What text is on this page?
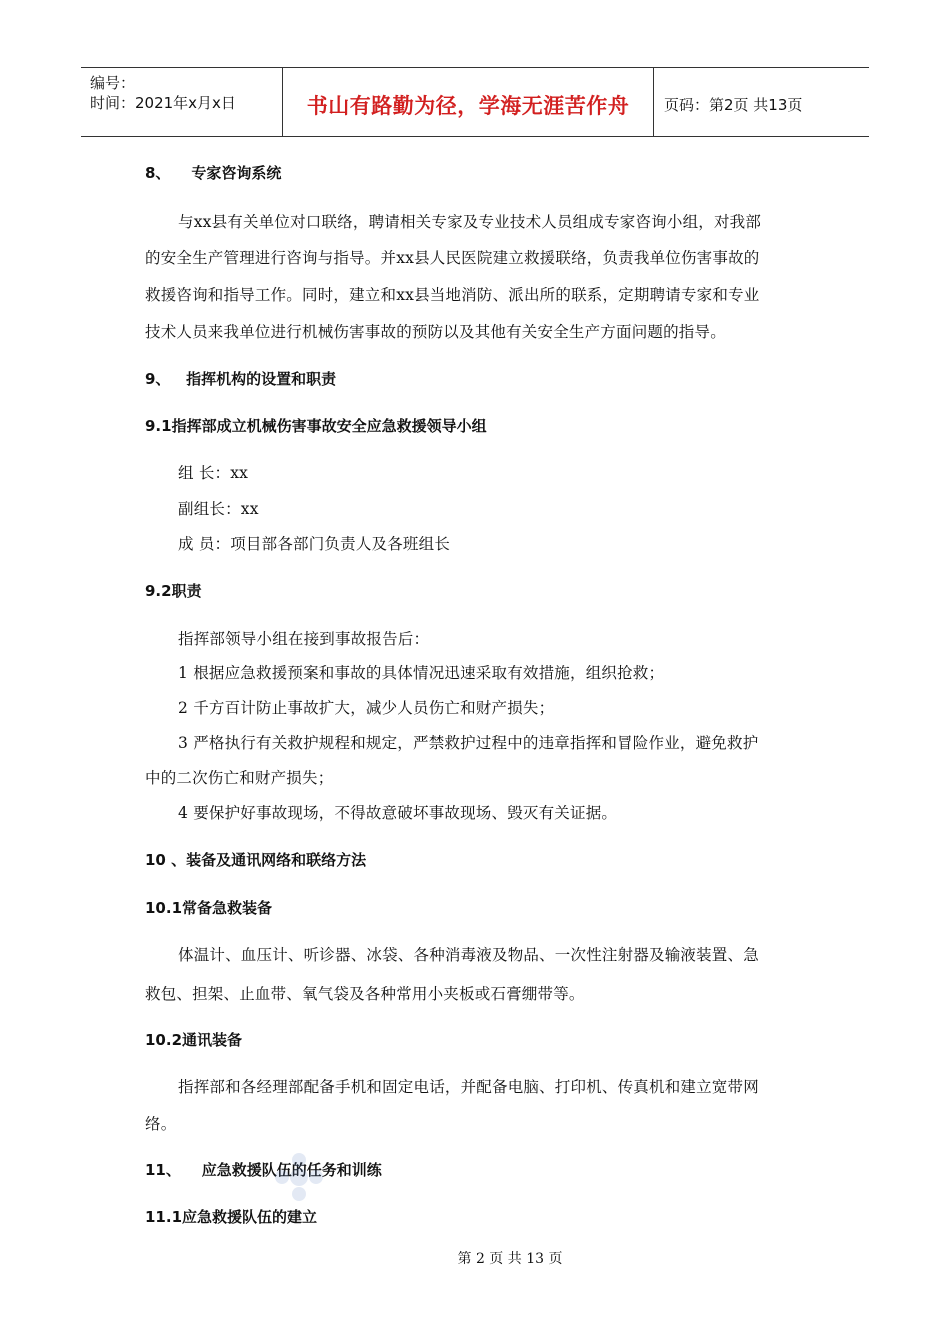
编号：
时间：2021年x月x日	书山有路勤为径，学海无涯苦作舟	页码：第2页 共13页
8、    专家咨询系统
与xx县有关单位对口联络，聘请相关专家及专业技术人员组成专家咨询小组，对我部
的安全生产管理进行咨询与指导。并xx县人民医院建立救援联络，负责我单位伤害事故的
救援咨询和指导工作。同时，建立和xx县当地消防、派出所的联系，定期聘请专家和专业
技术人员来我单位进行机械伤害事故的预防以及其他有关安全生产方面问题的指导。
9、   指挥机构的设置和职责
9.1指挥部成立机械伤害事故安全应急救援领导小组
组 长：xx
副组长：xx
成 员：项目部各部门负责人及各班组长
9.2职责
指挥部领导小组在接到事故报告后：
1 根据应急救援预案和事故的具体情况迅速采取有效措施，组织抢救；
2 千方百计防止事故扩大，减少人员伤亡和财产损失；
3 严格执行有关救护规程和规定，严禁救护过程中的违章指挥和冒险作业，避免救护
中的二次伤亡和财产损失；
4 要保护好事故现场，不得故意破坏事故现场、毁灭有关证据。
10 、装备及通讯网络和联络方法
10.1常备急救装备
体温计、血压计、听诊器、冰袋、各种消毒液及物品、一次性注射器及输液装置、急
救包、担架、止血带、氧气袋及各种常用小夹板或石膏绷带等。
10.2通讯装备
指挥部和各经理部配备手机和固定电话，并配备电脑、打印机、传真机和建立宽带网
络。
11、    应急救援队伍的任务和训练
11.1应急救援队伍的建立
第 2 页 共 13 页
